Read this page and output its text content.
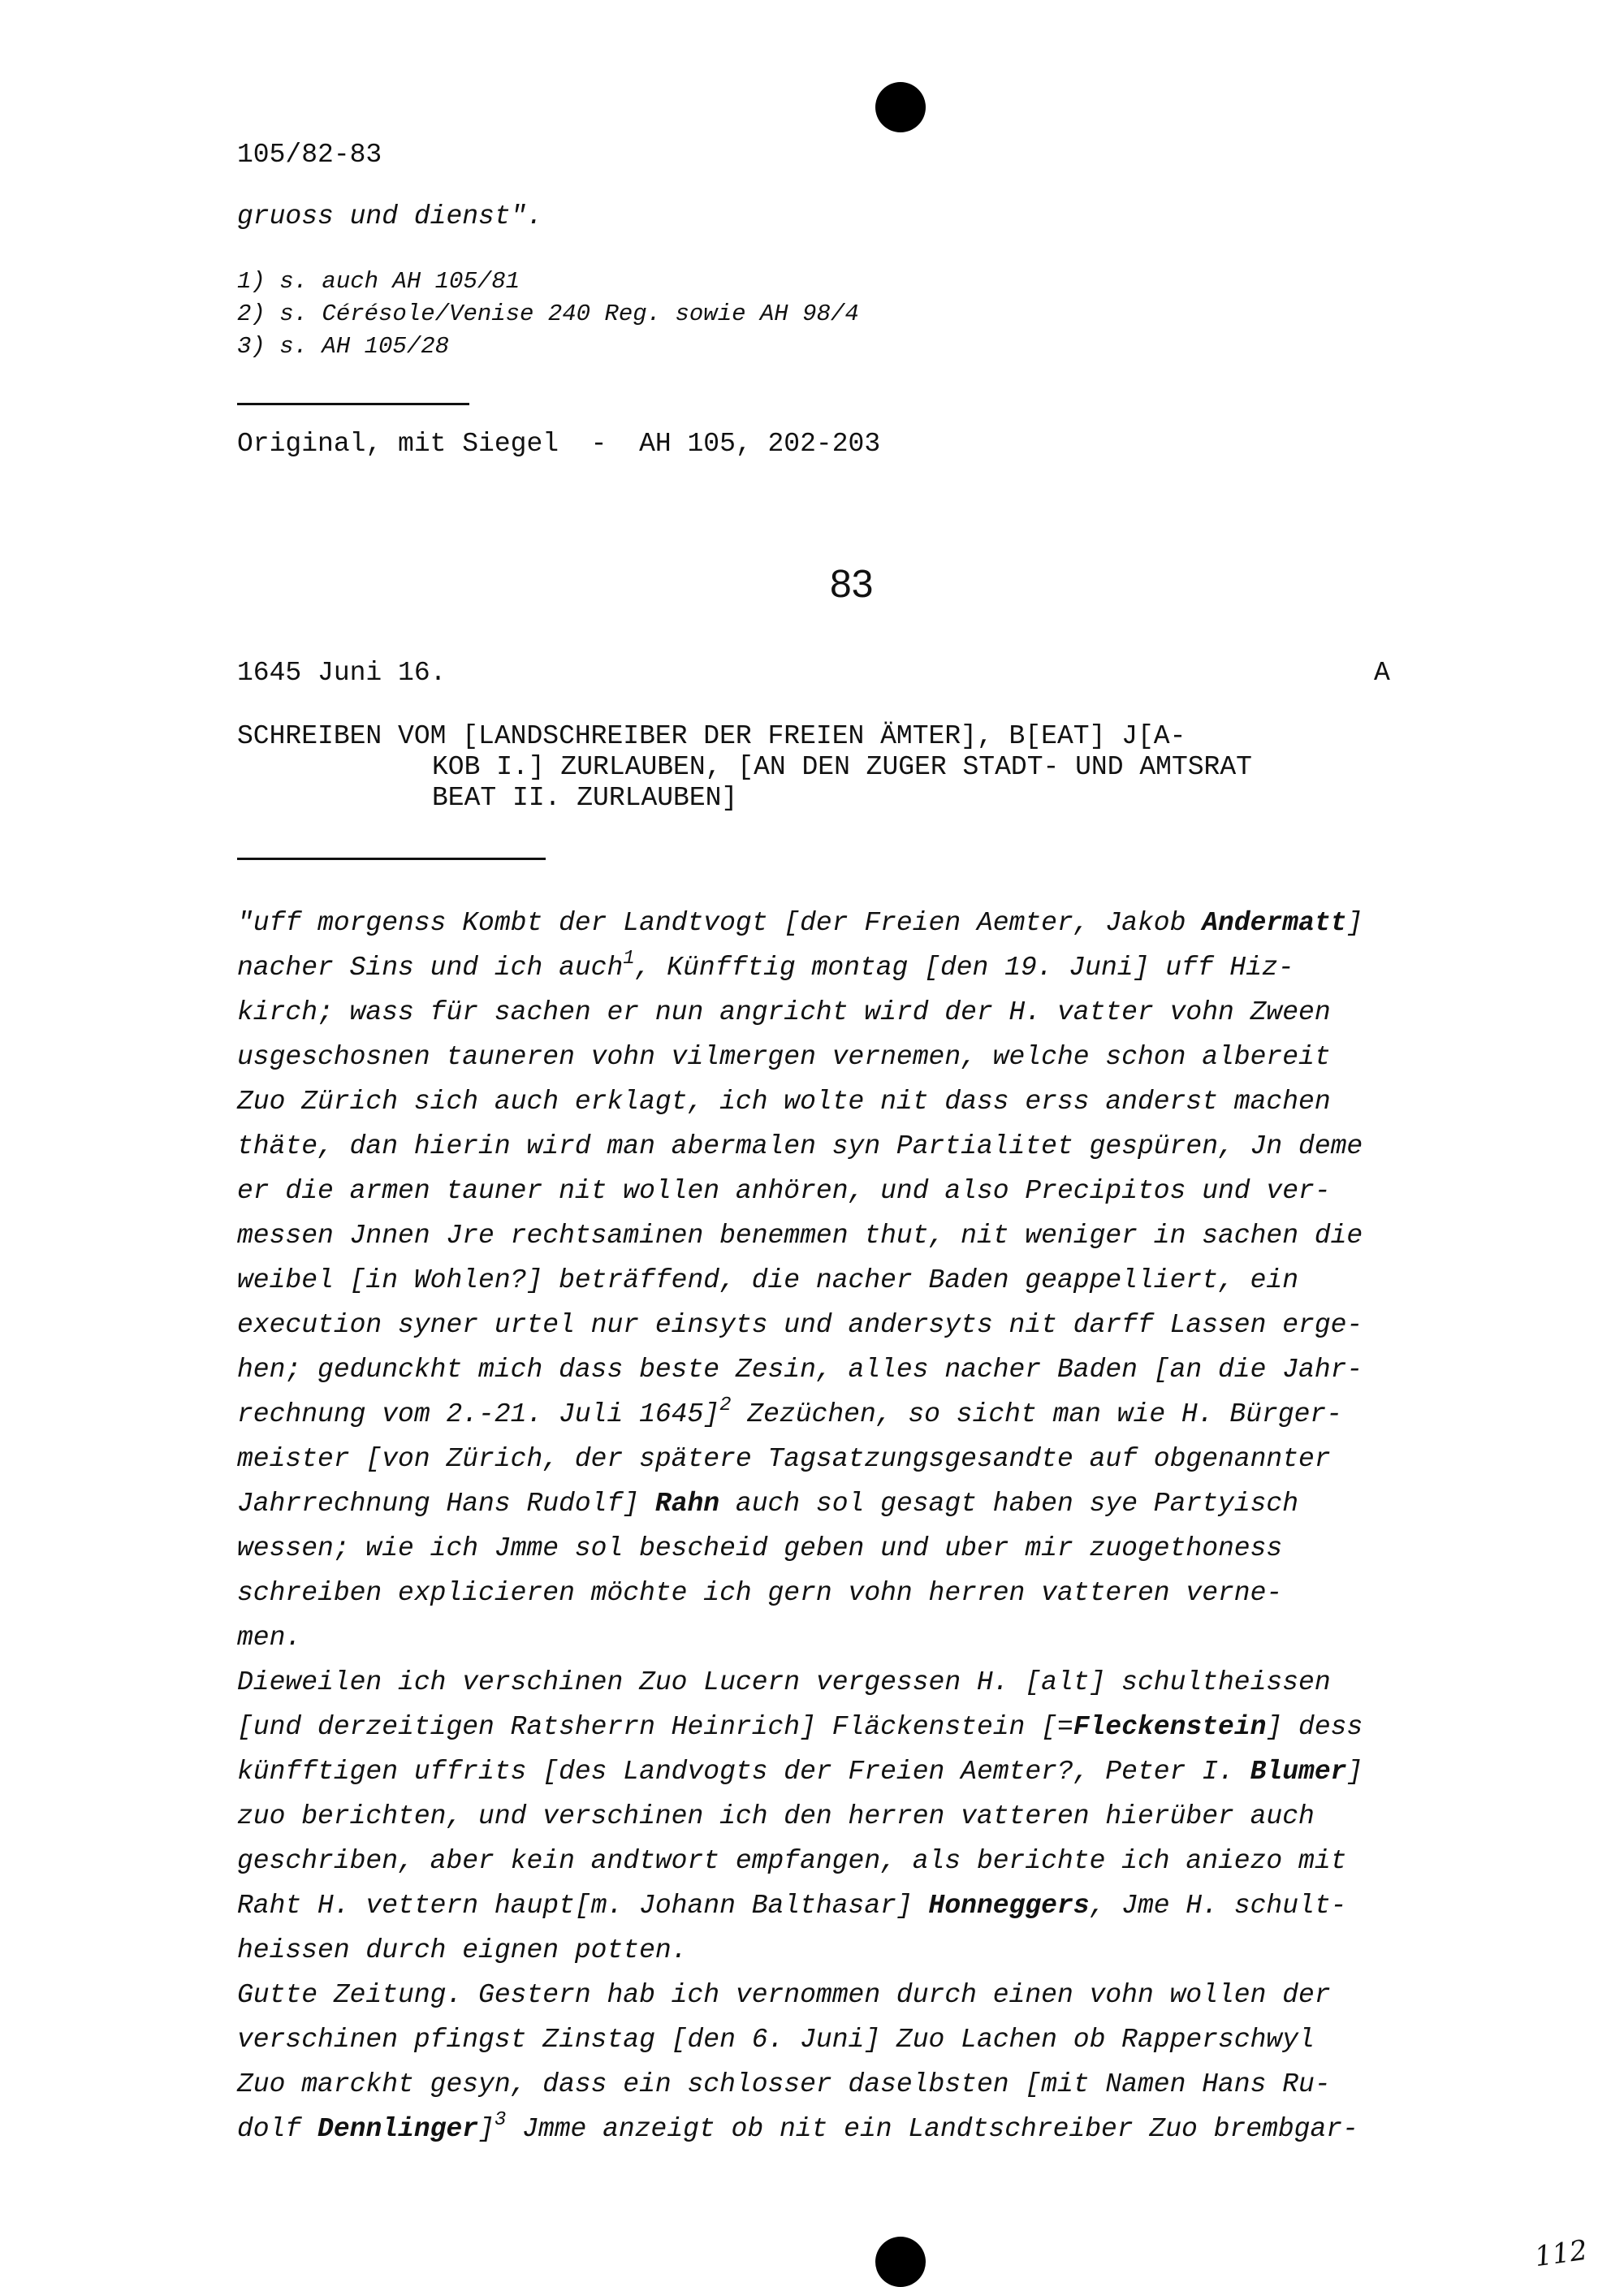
105/82-83
gruoss und dienst".
1) s. auch AH 105/81
2) s. Cérésole/Venise 240 Reg. sowie AH 98/4
3) s. AH 105/28
Original, mit Siegel  -  AH 105, 202-203
83
1645 Juni 16.	A
SCHREIBEN VOM [LANDSCHREIBER DER FREIEN ÄMTER], B[EAT] J[A-
KOB I.] ZURLAUBEN, [AN DEN ZUGER STADT- UND AMTSRAT
BEAT II. ZURLAUBEN]
"uff morgenss Kombt der Landtvogt [der Freien Aemter, Jakob Andermatt]
nacher Sins und ich auch$^1$, Künfftig montag [den 19. Juni] uff Hiz-
kirch; wass für sachen er nun angricht wird der H. vatter vohn Zween
usgeschosnen tauneren vohn vilmergen vernemen, welche schon albereit
Zuo Zürich sich auch erklagt, ich wolte nit dass erss anderst machen
thäte, dan hierin wird man abermalen syn Partialitet gespüren, Jn deme
er die armen tauner nit wollen anhören, und also Precipitos und ver-
messen Jnnen Jre rechtsaminen benemmen thut, nit weniger in sachen die
weibel [in Wohlen?] beträffend, die nacher Baden geappelliert, ein
execution syner urtel nur einsyts und andersyts nit darff Lassen erge-
hen; gedunckht mich dass beste Zesin, alles nacher Baden [an die Jahr-
rechnung vom 2.-21. Juli 1645]$^2$ Zezüchen, so sicht man wie H. Bürger-
meister [von Zürich, der spätere Tagsatzungsgesandte auf obgenannter
Jahrrechnung Hans Rudolf] Rahn auch sol gesagt haben sye Partyisch
wessen; wie ich Jmme sol bescheid geben und uber mir zuogethoness
schreiben explicieren möchte ich gern vohn herren vatteren verne-
men.
Dieweilen ich verschinen Zuo Lucern vergessen H. [alt] schultheissen
[und derzeitigen Ratsherrn Heinrich] Fläckenstein [=Fleckenstein] dess
künfftigen uffrits [des Landvogts der Freien Aemter?, Peter I. Blumer]
zuo berichten, und verschinen ich den herren vatteren hierüber auch
geschriben, aber kein andtwort empfangen, als berichte ich aniezo mit
Raht H. vettern haupt[m. Johann Balthasar] Honneggers, Jme H. schult-
heissen durch eignen potten.
Gutte Zeitung. Gestern hab ich vernommen durch einen vohn wollen der
verschinen pfingst Zinstag [den 6. Juni] Zuo Lachen ob Rapperschwyl
Zuo marckht gesyn, dass ein schlosser daselbsten [mit Namen Hans Ru-
dolf Dennlinger]$^3$ Jmme anzeigt ob nit ein Landtschreiber Zuo brembgar-
112
